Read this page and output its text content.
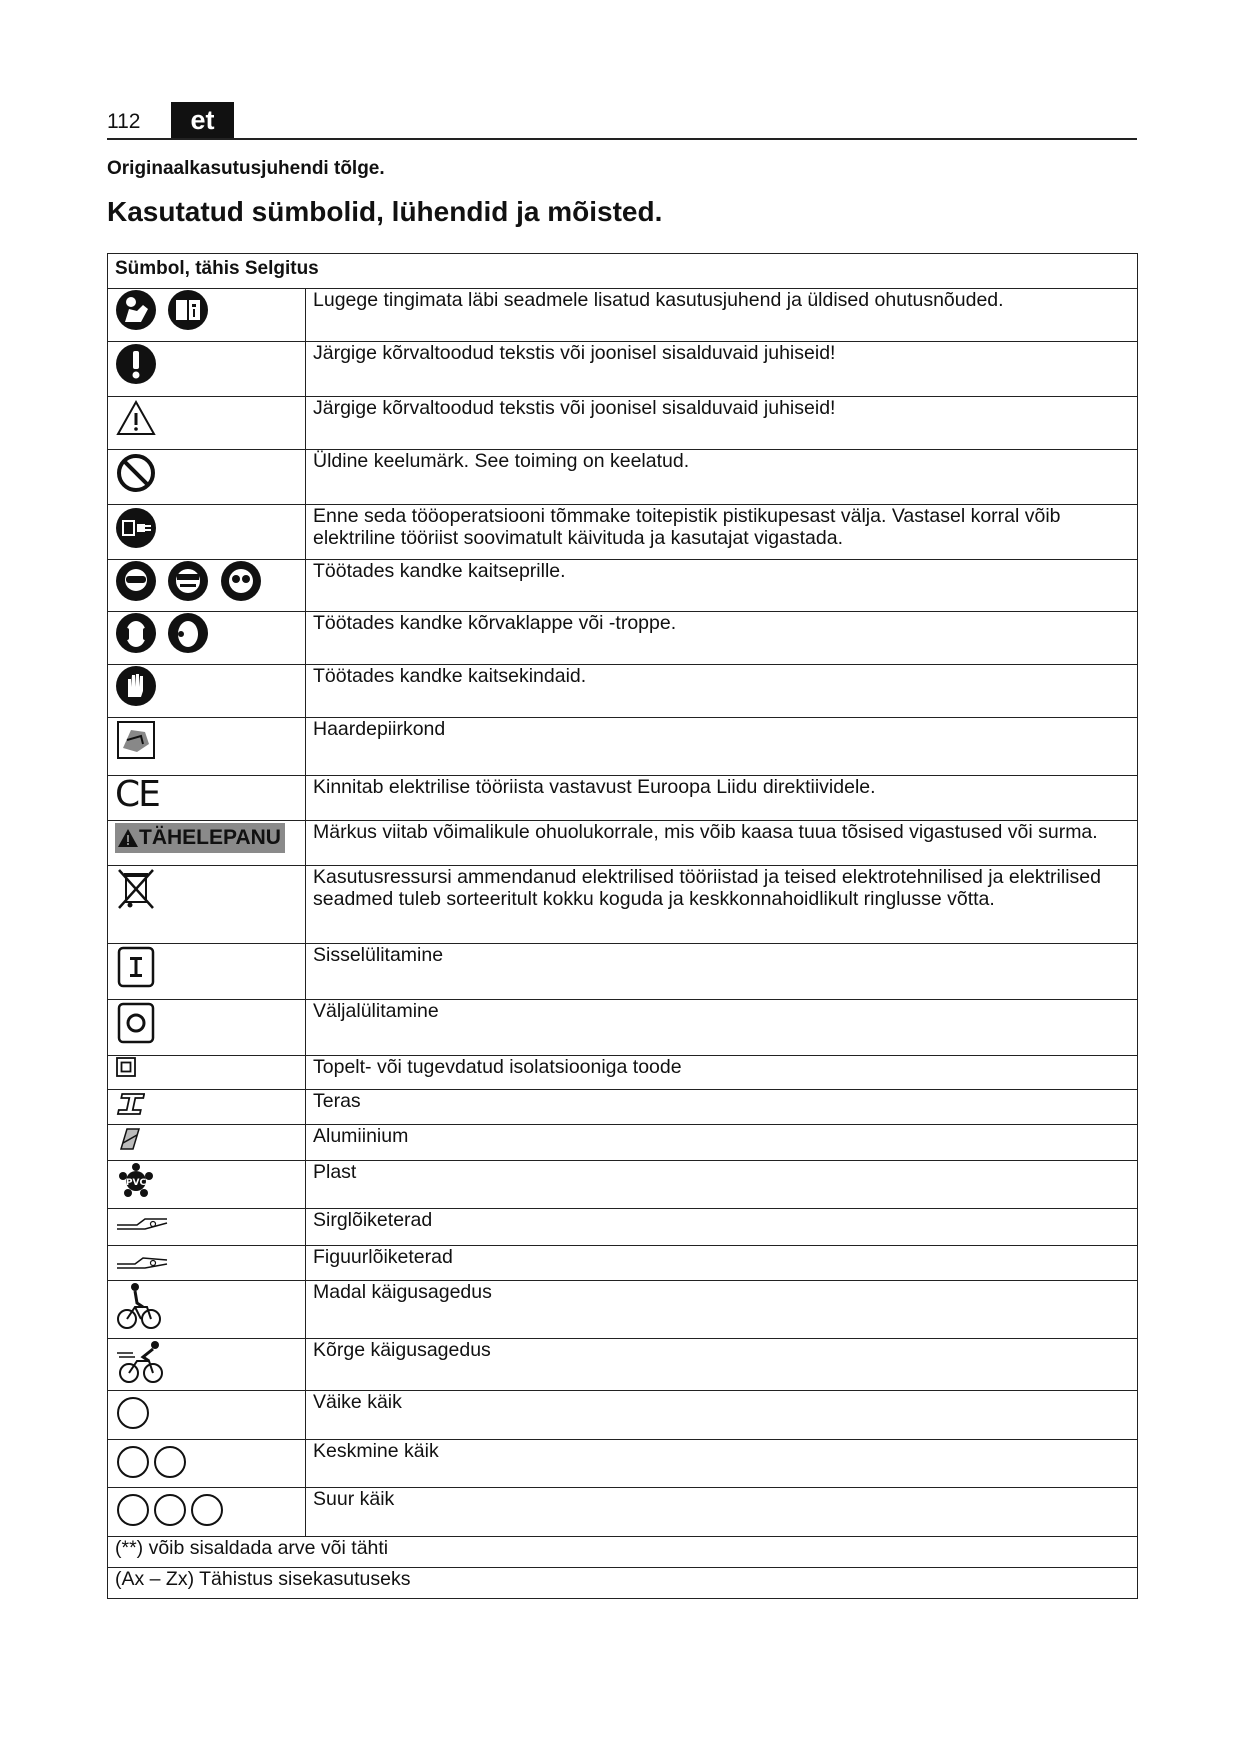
112	et
Originaalkasutusjuhendi tõlge.
Kasutatud sümbolid, lühendid ja mõisted.
Sümbol, tähis Selgitus	
	Lugege tingimata läbi seadmele lisatud kasutusjuhend ja üldised ohutusnõuded.
	Järgige kõrvaltoodud tekstis või joonisel sisalduvaid juhiseid!
	Järgige kõrvaltoodud tekstis või joonisel sisalduvaid juhiseid!
	Üldine keelumärk. See toiming on keelatud.
	Enne seda tööoperatsiooni tõmmake toitepistik pistikupesast välja. Vastasel korral võib elektriline tööriist soovimatult käivituda ja kasutajat vigastada.
	Töötades kandke kaitseprille.
	Töötades kandke kõrvaklappe või -troppe.
	Töötades kandke kaitsekindaid.
	Haardepiirkond
CE	Kinnitab elektrilise tööriista vastavust Euroopa Liidu direktiividele.

TÄHELEPANU	Märkus viitab võimalikule ohuolukorrale, mis võib kaasa tuua tõsised vigastused või surma.
	Kasutusressursi ammendanud elektrilised tööriistad ja teised elektrotehnilised ja elektrilised seadmed tuleb sorteeritult kokku koguda ja keskkonnahoidlikult ringlusse võtta.
	Sisselülitamine
	Väljalülitamine
	Topelt- või tugevdatud isolatsiooniga toode
	Teras
	Alumiinium

PVC	Plast
	Sirglõiketerad
	Figuurlõiketerad
	Madal käigusagedus
	Kõrge käigusagedus
	Väike käik
	Keskmine käik
	Suur käik
(**) võib sisaldada arve või tähti	
(Ax – Zx) Tähistus sisekasutuseks	
